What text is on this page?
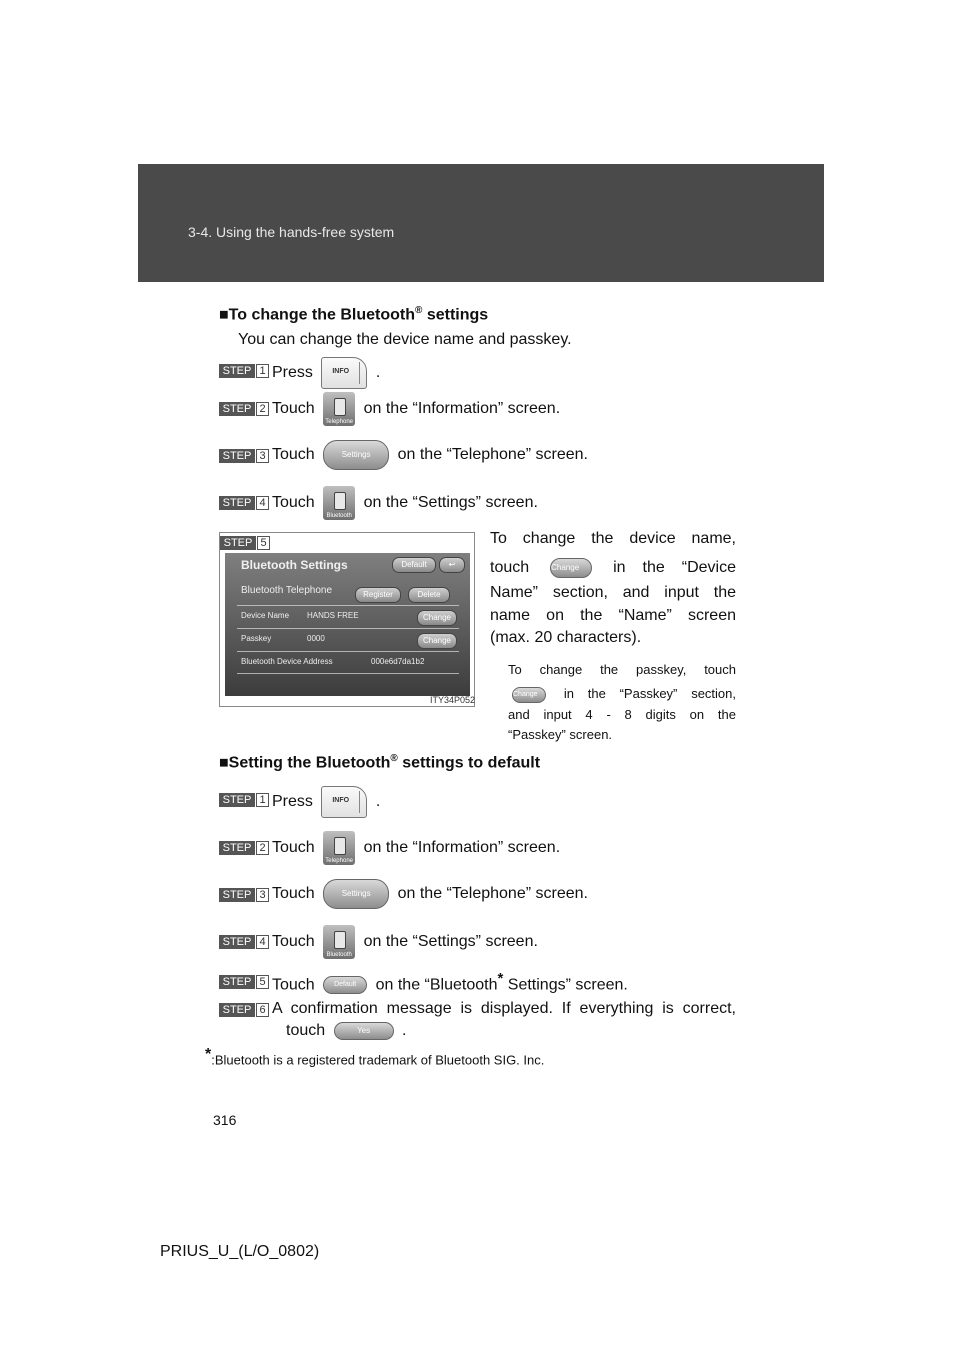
3-4. Using the hands-free system
■To change the Bluetooth® settings
You can change the device name and passkey.
STEP 1 Press	INFO .
STEP 2 Touch
Telephone
on the “Information” screen.
STEP 3 Touch	Settings on the “Telephone” screen.
STEP 4 Touch
Bluetooth
on the “Settings” screen.
STEP 5
Bluetooth Settings	Default	↩
Bluetooth Telephone	Register	Delete
Device Name HANDS FREE	Change
Passkey	0000	Change
Bluetooth Device Address	000e6d7da1b2
ITY34P052
To change the device name,
touch	Change in the “Device
Name” section, and input the
name on the “Name” screen
(max. 20 characters).
To change the passkey, touch
Change in the “Passkey” section,
and input 4 - 8 digits on the
“Passkey” screen.
■Setting the Bluetooth® settings to default
STEP 1 Press	INFO .
STEP 2 Touch
Telephone
on the “Information” screen.
STEP 3 Touch	Settings on the “Telephone” screen.
STEP 4 Touch
Bluetooth
on the “Settings” screen.
STEP 5 Touch	Default on the “Bluetooth* Settings” screen.
STEP 6 A confirmation message is displayed. If everything is correct,
touch	Yes .
*:Bluetooth is a registered trademark of Bluetooth SIG. Inc.
316
PRIUS_U_(L/O_0802)
